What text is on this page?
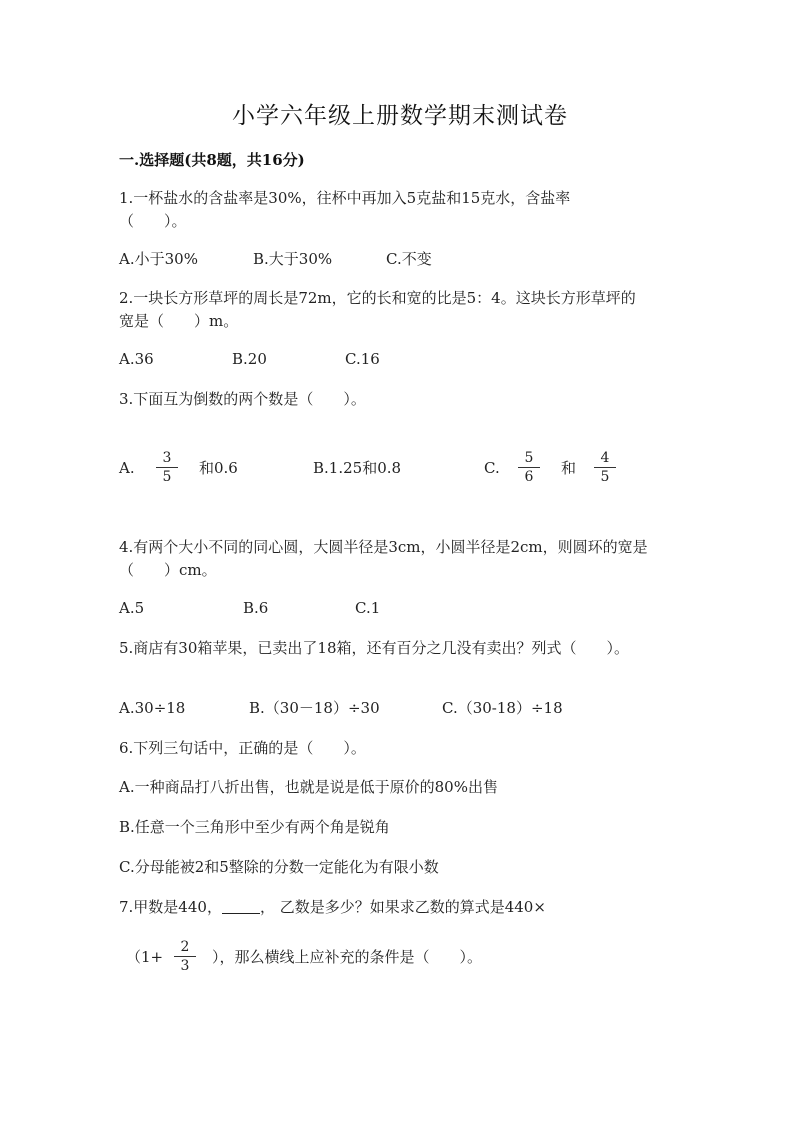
小学六年级上册数学期末测试卷
一.选择题(共8题，共16分)
1.一杯盐水的含盐率是30%，往杯中再加入5克盐和15克水，含盐率
（　　）。
A.小于30%	B.大于30%	C.不变
2.一块长方形草坪的周长是72m，它的长和宽的比是5：4。这块长方形草坪的
宽是（　　）m。
A.36	B.20	C.16
3.下面互为倒数的两个数是（　　）。
A. $\frac{3}{5}$ 和0.6	B.1.25和0.8	C. $\frac{5}{6}$ 和 $\frac{4}{5}$
4.有两个大小不同的同心圆，大圆半径是3cm，小圆半径是2cm，则圆环的宽是
（　　）cm。
A.5	B.6	C.1
5.商店有30箱苹果，已卖出了18箱，还有百分之几没有卖出？列式（　　）。
A.30÷18	B.（30－18）÷30	C.（30-18）÷18
6.下列三句话中，正确的是（　　）。
A.一种商品打八折出售，也就是说是低于原价的80%出售
B.任意一个三角形中至少有两个角是锐角
C.分母能被2和5整除的分数一定能化为有限小数
7.甲数是440，	， 乙数是多少？如果求乙数的算式是440×
（$1+ \frac{2}{3}$ ），那么横线上应补充的条件是（　　）。
